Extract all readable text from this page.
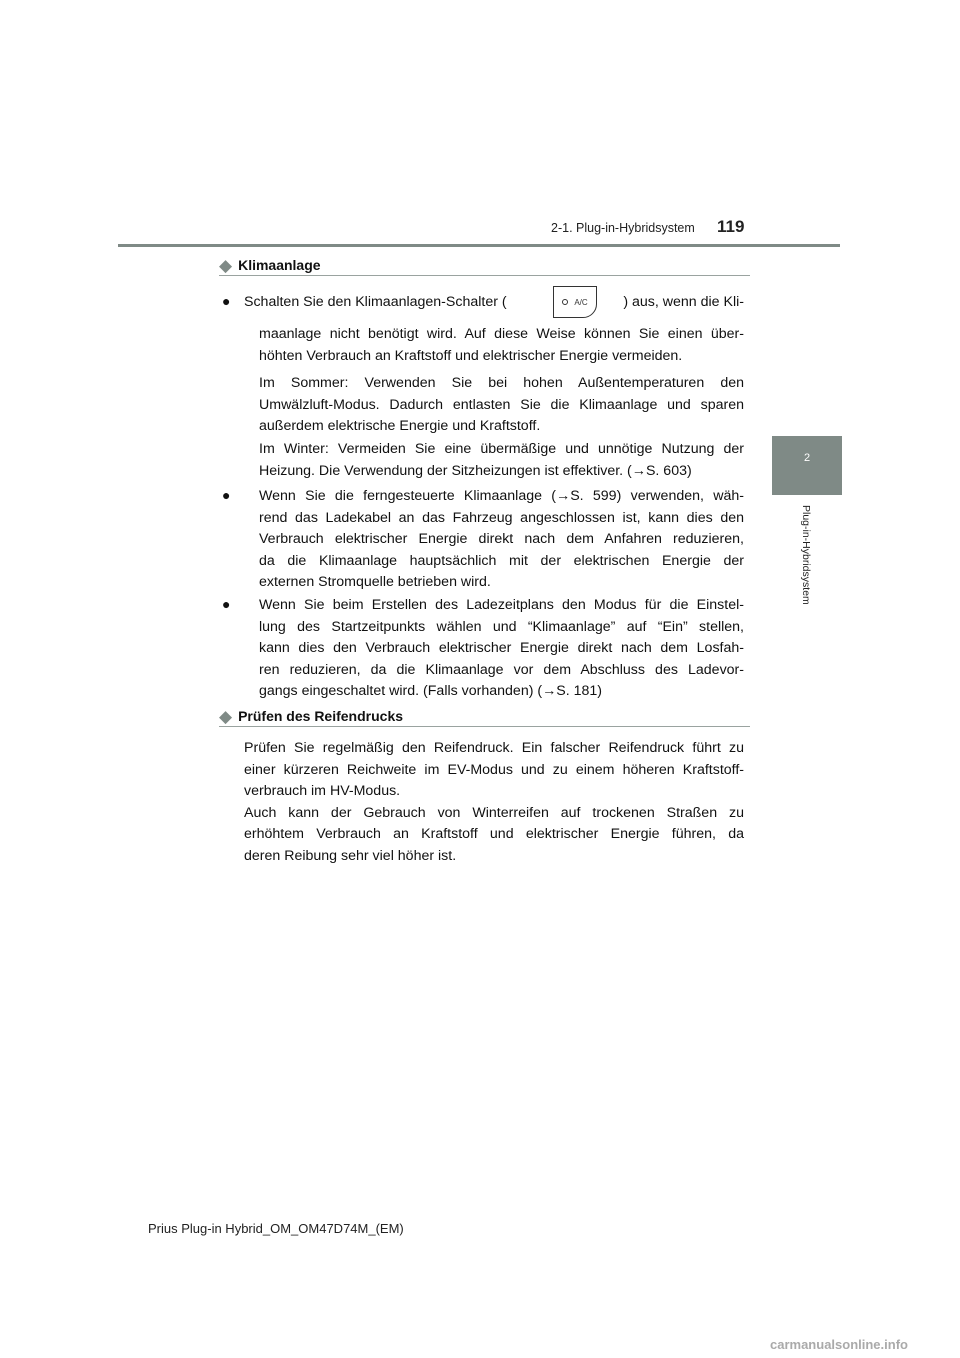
2-1. Plug-in-Hybridsystem 119
2
Plug-in-Hybridsystem
◆ Klimaanlage
● Schalten Sie den Klimaanlagen-Schalter (	A/C	) aus, wenn die Kli-
maanlage nicht benötigt wird. Auf diese Weise können Sie einen über-
höhten Verbrauch an Kraftstoff und elektrischer Energie vermeiden.
Im Sommer: Verwenden Sie bei hohen Außentemperaturen den
Umwälzluft-Modus. Dadurch entlasten Sie die Klimaanlage und sparen
außerdem elektrische Energie und Kraftstoff.
Im Winter: Vermeiden Sie eine übermäßige und unnötige Nutzung der
Heizung. Die Verwendung der Sitzheizungen ist effektiver. (→S. 603)
● Wenn Sie die ferngesteuerte Klimaanlage (→S. 599) verwenden, wäh-
rend das Ladekabel an das Fahrzeug angeschlossen ist, kann dies den
Verbrauch elektrischer Energie direkt nach dem Anfahren reduzieren,
da die Klimaanlage hauptsächlich mit der elektrischen Energie der
externen Stromquelle betrieben wird.
● Wenn Sie beim Erstellen des Ladezeitplans den Modus für die Einstel-
lung des Startzeitpunkts wählen und “Klimaanlage” auf “Ein” stellen,
kann dies den Verbrauch elektrischer Energie direkt nach dem Losfah-
ren reduzieren, da die Klimaanlage vor dem Abschluss des Ladevor-
gangs eingeschaltet wird. (Falls vorhanden) (→S. 181)
◆ Prüfen des Reifendrucks
Prüfen Sie regelmäßig den Reifendruck. Ein falscher Reifendruck führt zu
einer kürzeren Reichweite im EV-Modus und zu einem höheren Kraftstoff-
verbrauch im HV-Modus.
Auch kann der Gebrauch von Winterreifen auf trockenen Straßen zu
erhöhtem Verbrauch an Kraftstoff und elektrischer Energie führen, da
deren Reibung sehr viel höher ist.
Prius Plug-in Hybrid_OM_OM47D74M_(EM)
carmanualsonline.info
